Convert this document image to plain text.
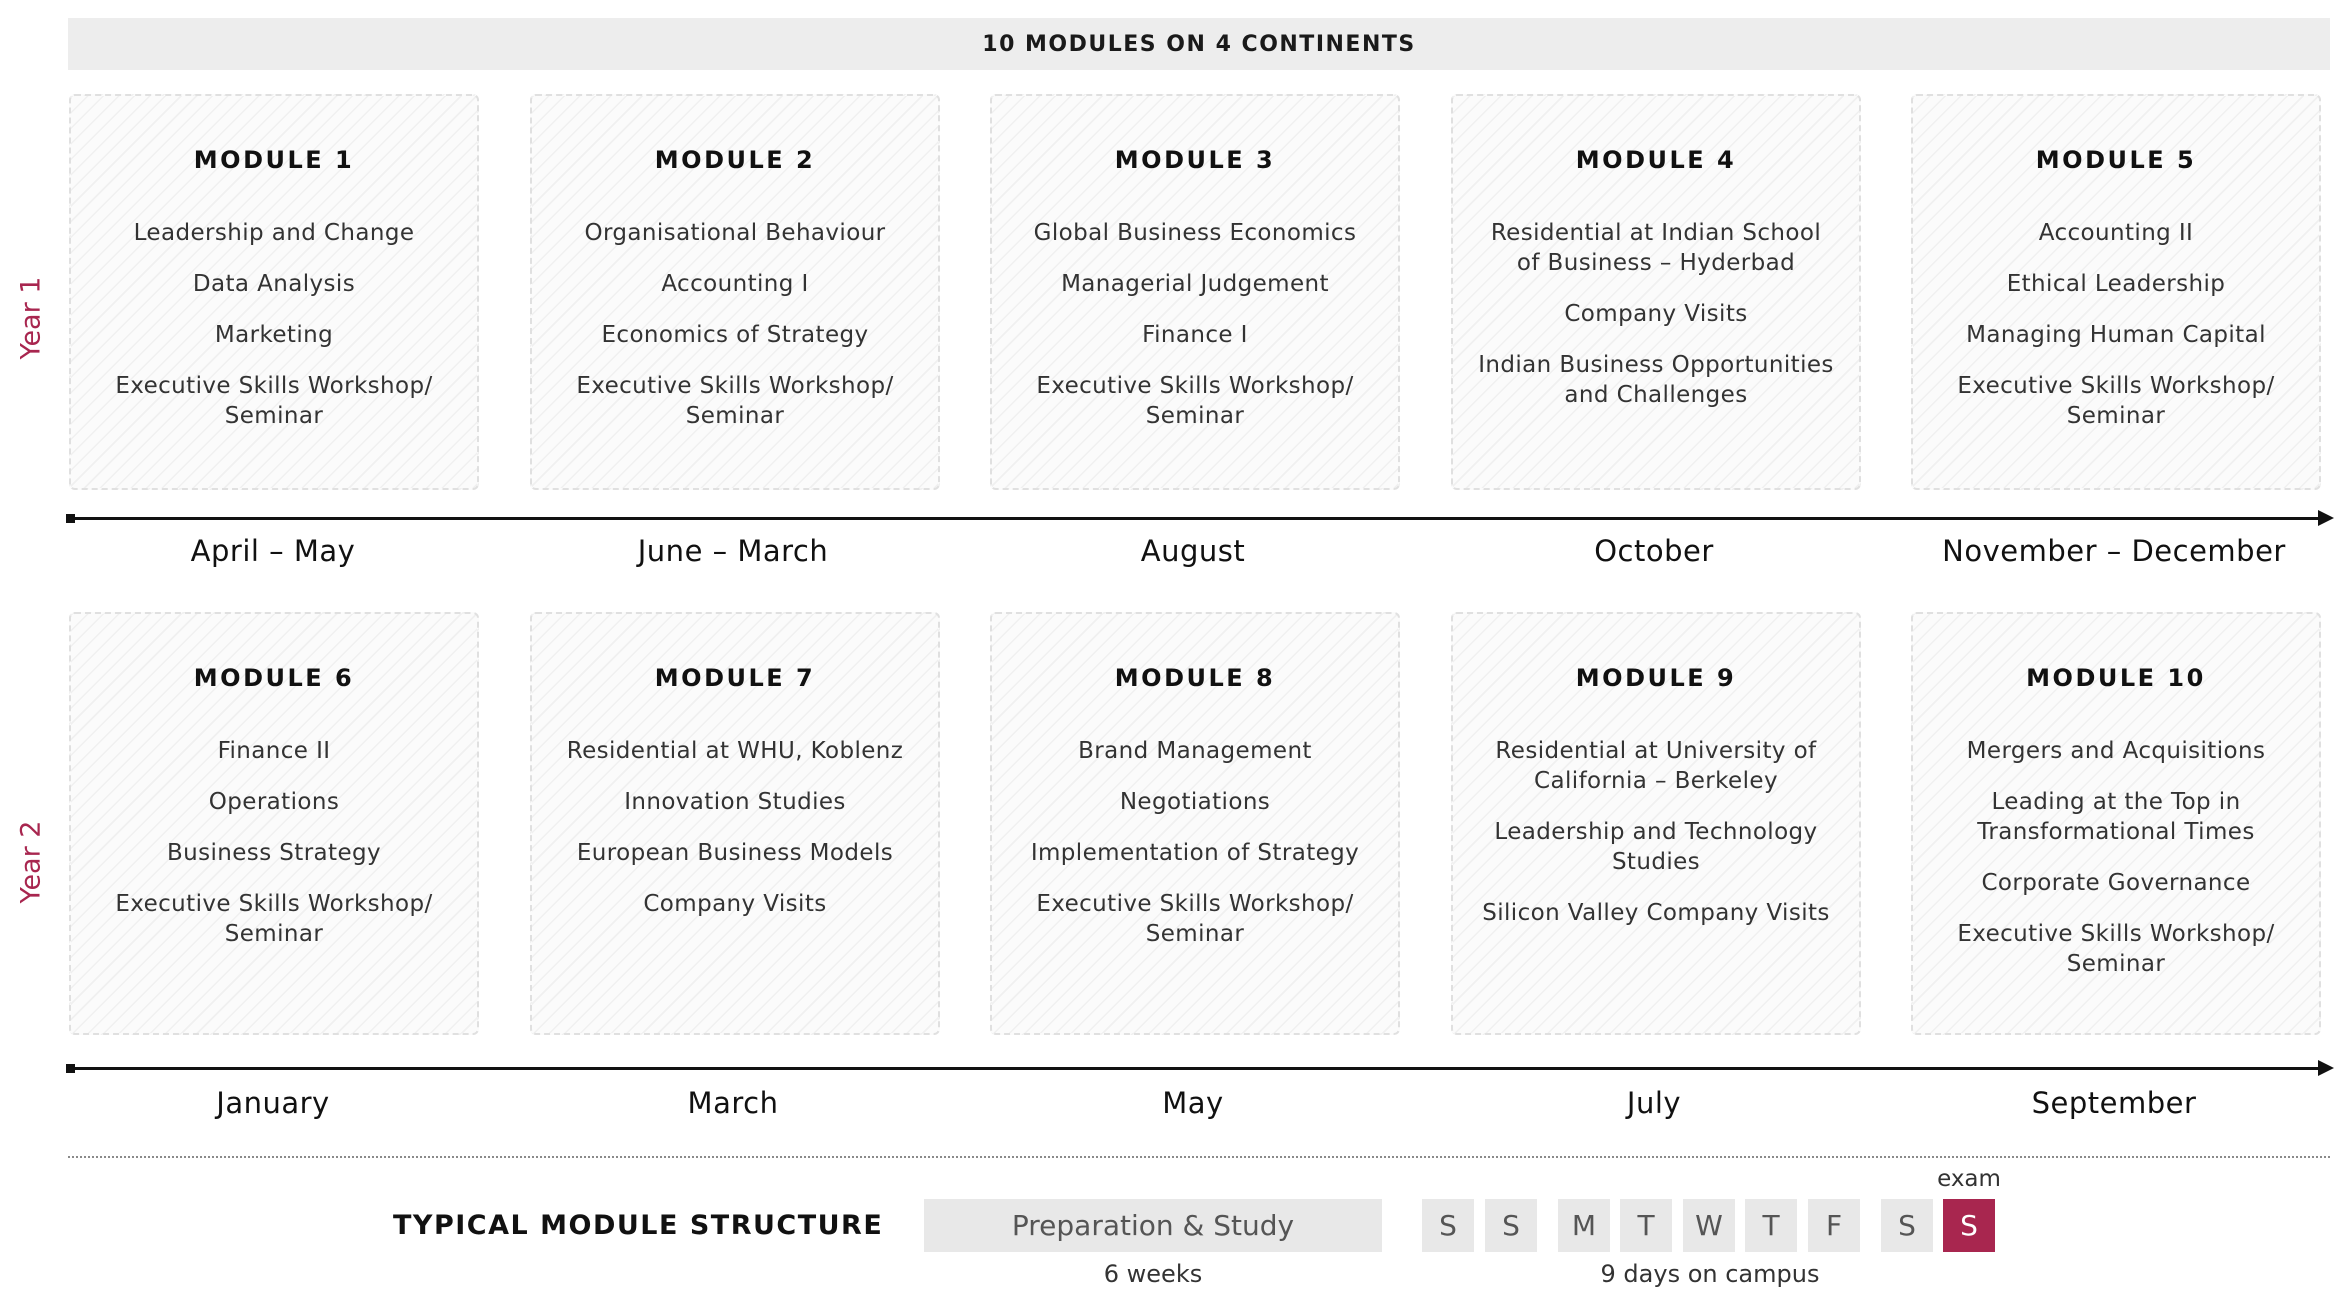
10 MODULES ON 4 CONTINENTS
Year 1
Year 2
MODULE 1
Leadership and Change
Data Analysis
Marketing
Executive Skills Workshop/ Seminar
MODULE 2
Organisational Behaviour
Accounting I
Economics of Strategy
Executive Skills Workshop/ Seminar
MODULE 3
Global Business Economics
Managerial Judgement
Finance I
Executive Skills Workshop/ Seminar
MODULE 4
Residential at Indian School of Business – Hyderbad
Company Visits
Indian Business Opportunities and Challenges
MODULE 5
Accounting II
Ethical Leadership
Managing Human Capital
Executive Skills Workshop/ Seminar
MODULE 6
Finance II
Operations
Business Strategy
Executive Skills Workshop/ Seminar
MODULE 7
Residential at WHU, Koblenz
Innovation Studies
European Business Models
Company Visits
MODULE 8
Brand Management
Negotiations
Implementation of Strategy
Executive Skills Workshop/ Seminar
MODULE 9
Residential at University of California – Berkeley
Leadership and Technology Studies
Silicon Valley Company Visits
MODULE 10
Mergers and Acquisitions
Leading at the Top in Transformational Times
Corporate Governance
Executive Skills Workshop/ Seminar
April – May	June – March	August	October	November – December
January	March	May	July	September
TYPICAL MODULE STRUCTURE	Preparation & Study
6 weeks
S	S	M	T	W	T	F	S	S
exam
9 days on campus
